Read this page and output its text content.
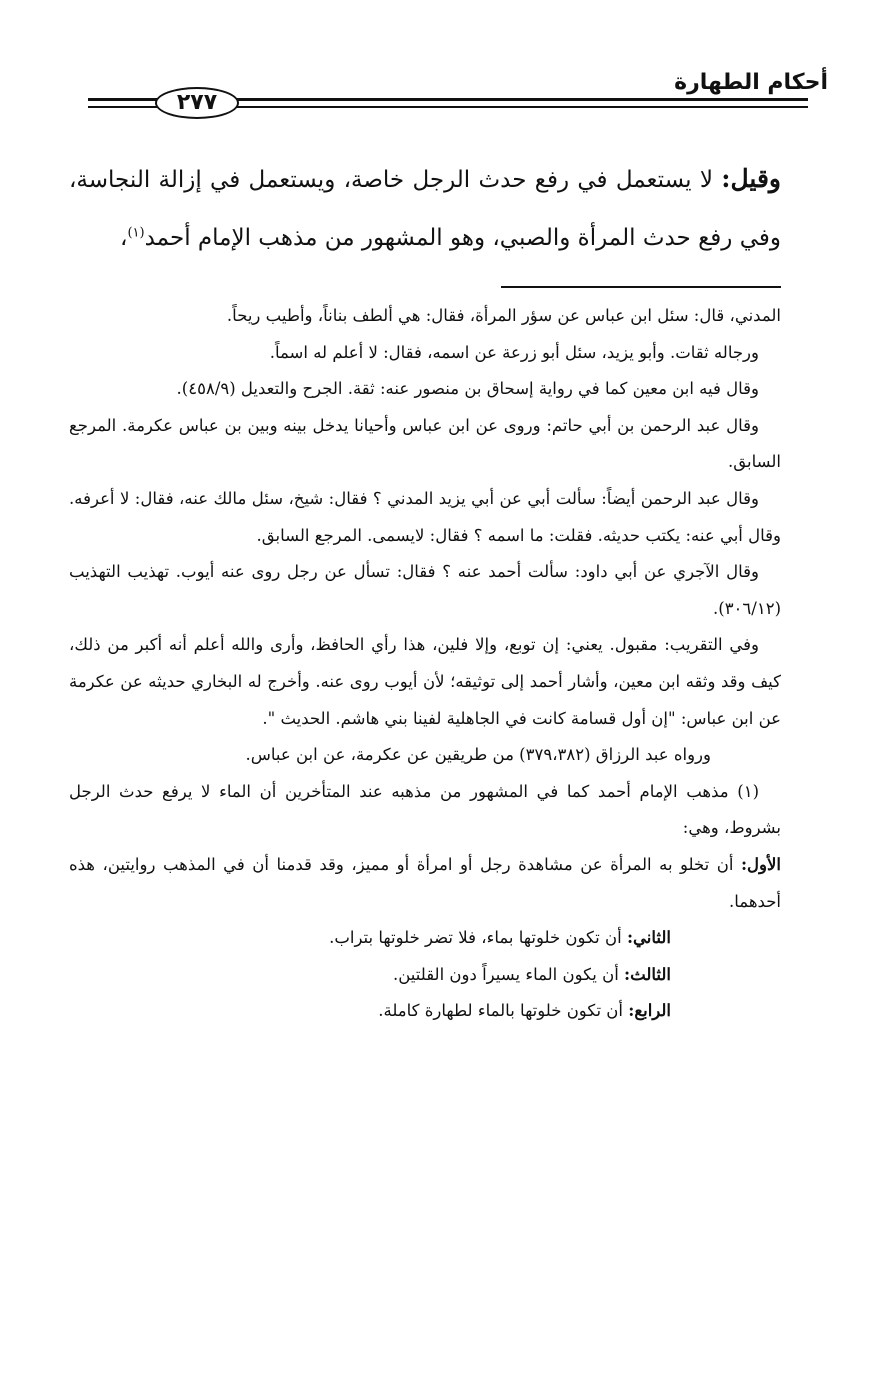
أحكام الطهارة
٢٧٧

وقيل: لا يستعمل في رفع حدث الرجل خاصة، ويستعمل في إزالة النجاسة، وفي رفع حدث المرأة والصبي، وهو المشهور من مذهب الإمام أحمد$^{(١)}$،

المدني، قال: سئل ابن عباس عن سؤر المرأة، فقال: هي ألطف بناناً، وأطيب ريحاً.

ورجاله ثقات. وأبو يزيد، سئل أبو زرعة عن اسمه، فقال: لا أعلم له اسماً.

وقال فيه ابن معين كما في رواية إسحاق بن منصور عنه: ثقة. الجرح والتعديل (٤٥٨/٩).

وقال عبد الرحمن بن أبي حاتم: وروى عن ابن عباس وأحيانا يدخل بينه وبين بن عباس عكرمة. المرجع السابق.

وقال عبد الرحمن أيضاً: سألت أبي عن أبي يزيد المدني ؟ فقال: شيخ، سئل مالك عنه، فقال: لا أعرفه. وقال أبي عنه: يكتب حديثه. فقلت: ما اسمه ؟ فقال: لايسمى. المرجع السابق.

وقال الآجري عن أبي داود: سألت أحمد عنه ؟ فقال: تسأل عن رجل روى عنه أيوب. تهذيب التهذيب (٣٠٦/١٢).

وفي التقريب: مقبول. يعني: إن توبع، وإلا فلين، هذا رأي الحافظ، وأرى والله أعلم أنه أكبر من ذلك، كيف وقد وثقه ابن معين، وأشار أحمد إلى توثيقه؛ لأن أيوب روى عنه. وأخرج له البخاري حديثه عن عكرمة عن ابن عباس: "إن أول قسامة كانت في الجاهلية لفينا بني هاشم. الحديث ".

ورواه عبد الرزاق (٣٧٩،٣٨٢) من طريقين عن عكرمة، عن ابن عباس.

(١) مذهب الإمام أحمد كما في المشهور من مذهبه عند المتأخرين أن الماء لا يرفع حدث الرجل بشروط، وهي:

الأول: أن تخلو به المرأة عن مشاهدة رجل أو امرأة أو مميز، وقد قدمنا أن في المذهب روايتين، هذه أحدهما.

الثاني: أن تكون خلوتها بماء، فلا تضر خلوتها بتراب.

الثالث: أن يكون الماء يسيراً دون القلتين.

الرابع: أن تكون خلوتها بالماء لطهارة كاملة.
